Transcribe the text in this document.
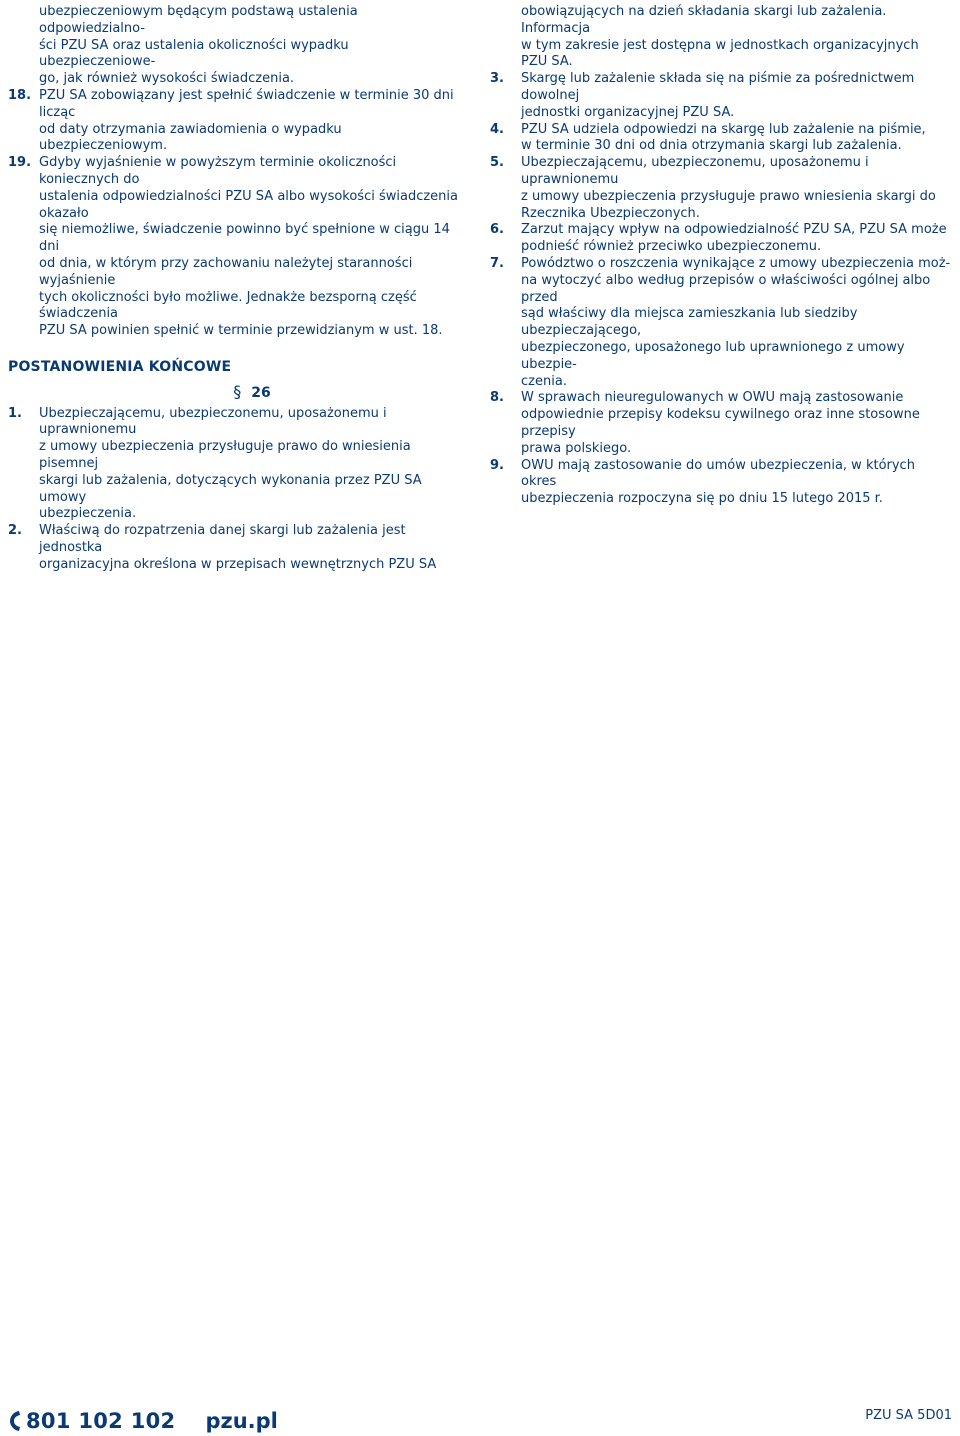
ubezpieczeniowym będącym podstawą ustalenia odpowiedzialno-
ści PZU SA oraz ustalenia okoliczności wypadku ubezpieczeniowe-
go, jak również wysokości świadczenia.
18. PZU SA zobowiązany jest spełnić świadczenie w terminie 30 dni licząc
od daty otrzymania zawiadomienia o wypadku ubezpieczeniowym.
19. Gdyby wyjaśnienie w powyższym terminie okoliczności koniecznych do
ustalenia odpowiedzialności PZU SA albo wysokości świadczenia okazało
się niemożliwe, świadczenie powinno być spełnione w ciągu 14 dni
od dnia, w którym przy zachowaniu należytej staranności wyjaśnienie
tych okoliczności było możliwe. Jednakże bezsporną część świadczenia
PZU SA powinien spełnić w terminie przewidzianym w ust. 18.
POSTANOWIENIA KOŃCOWE
§ 26
1. Ubezpieczającemu, ubezpieczonemu, uposażonemu i uprawnionemu
z umowy ubezpieczenia przysługuje prawo do wniesienia pisemnej
skargi lub zażalenia, dotyczących wykonania przez PZU SA umowy
ubezpieczenia.
2. Właściwą do rozpatrzenia danej skargi lub zażalenia jest jednostka
organizacyjna określona w przepisach wewnętrznych PZU SA
obowiązujących na dzień składania skargi lub zażalenia. Informacja
w tym zakresie jest dostępna w jednostkach organizacyjnych
PZU SA.
3. Skargę lub zażalenie składa się na piśmie za pośrednictwem dowolnej
jednostki organizacyjnej PZU SA.
4. PZU SA udziela odpowiedzi na skargę lub zażalenie na piśmie,
w terminie 30 dni od dnia otrzymania skargi lub zażalenia.
5. Ubezpieczającemu, ubezpieczonemu, uposażonemu i uprawnionemu
z umowy ubezpieczenia przysługuje prawo wniesienia skargi do
Rzecznika Ubezpieczonych.
6. Zarzut mający wpływ na odpowiedzialność PZU SA, PZU SA może
podnieść również przeciwko ubezpieczonemu.
7. Powództwo o roszczenia wynikające z umowy ubezpieczenia moż-
na wytoczyć albo według przepisów o właściwości ogólnej albo przed
sąd właściwy dla miejsca zamieszkania lub siedziby ubezpieczającego,
ubezpieczonego, uposażonego lub uprawnionego z umowy ubezpie-
czenia.
8. W sprawach nieuregulowanych w OWU mają zastosowanie
odpowiednie przepisy kodeksu cywilnego oraz inne stosowne przepisy
prawa polskiego.
9. OWU mają zastosowanie do umów ubezpieczenia, w których okres
ubezpieczenia rozpoczyna się po dniu 15 lutego 2015 r.
801 102 102 pzu.pl	PZU SA 5D01
